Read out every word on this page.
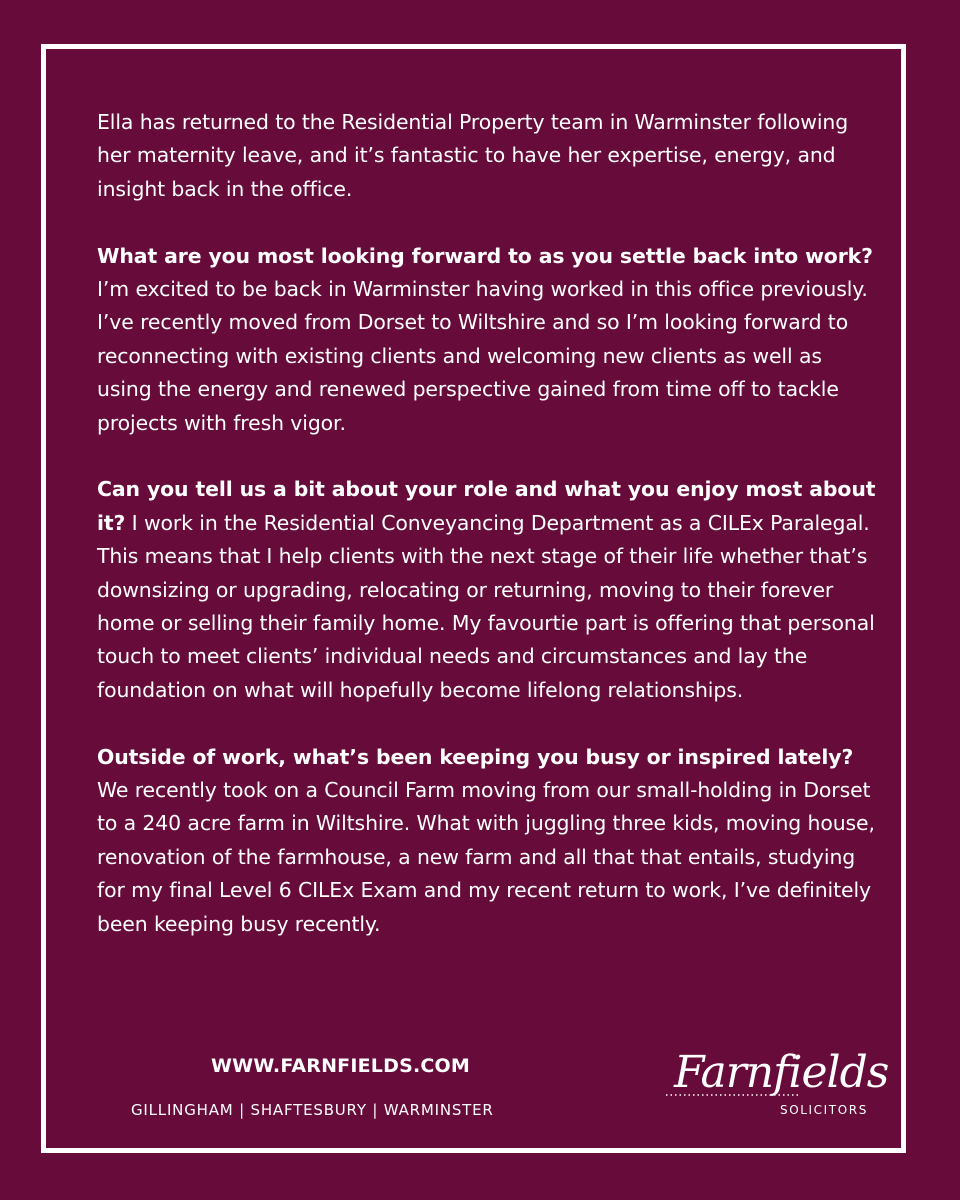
Ella has returned to the Residential Property team in Warminster following her maternity leave, and it’s fantastic to have her expertise, energy, and insight back in the office.

What are you most looking forward to as you settle back into work? I’m excited to be back in Warminster having worked in this office previously. I’ve recently moved from Dorset to Wiltshire and so I’m looking forward to reconnecting with existing clients and welcoming new clients as well as using the energy and renewed perspective gained from time off to tackle projects with fresh vigor.

Can you tell us a bit about your role and what you enjoy most about it? I work in the Residential Conveyancing Department as a CILEx Paralegal. This means that I help clients with the next stage of their life whether that’s downsizing or upgrading, relocating or returning, moving to their forever home or selling their family home. My favourtie part is offering that personal touch to meet clients’ individual needs and circumstances and lay the foundation on what will hopefully become lifelong relationships.

Outside of work, what’s been keeping you busy or inspired lately? We recently took on a Council Farm moving from our small-holding in Dorset to a 240 acre farm in Wiltshire. What with juggling three kids, moving house, renovation of the farmhouse, a new farm and all that that entails, studying for my final Level 6 CILEx Exam and my recent return to work, I’ve definitely been keeping busy recently.

WWW.FARNFIELDS.COM
GILLINGHAM | SHAFTESBURY | WARMINSTER
Farnfields
SOLICITORS
